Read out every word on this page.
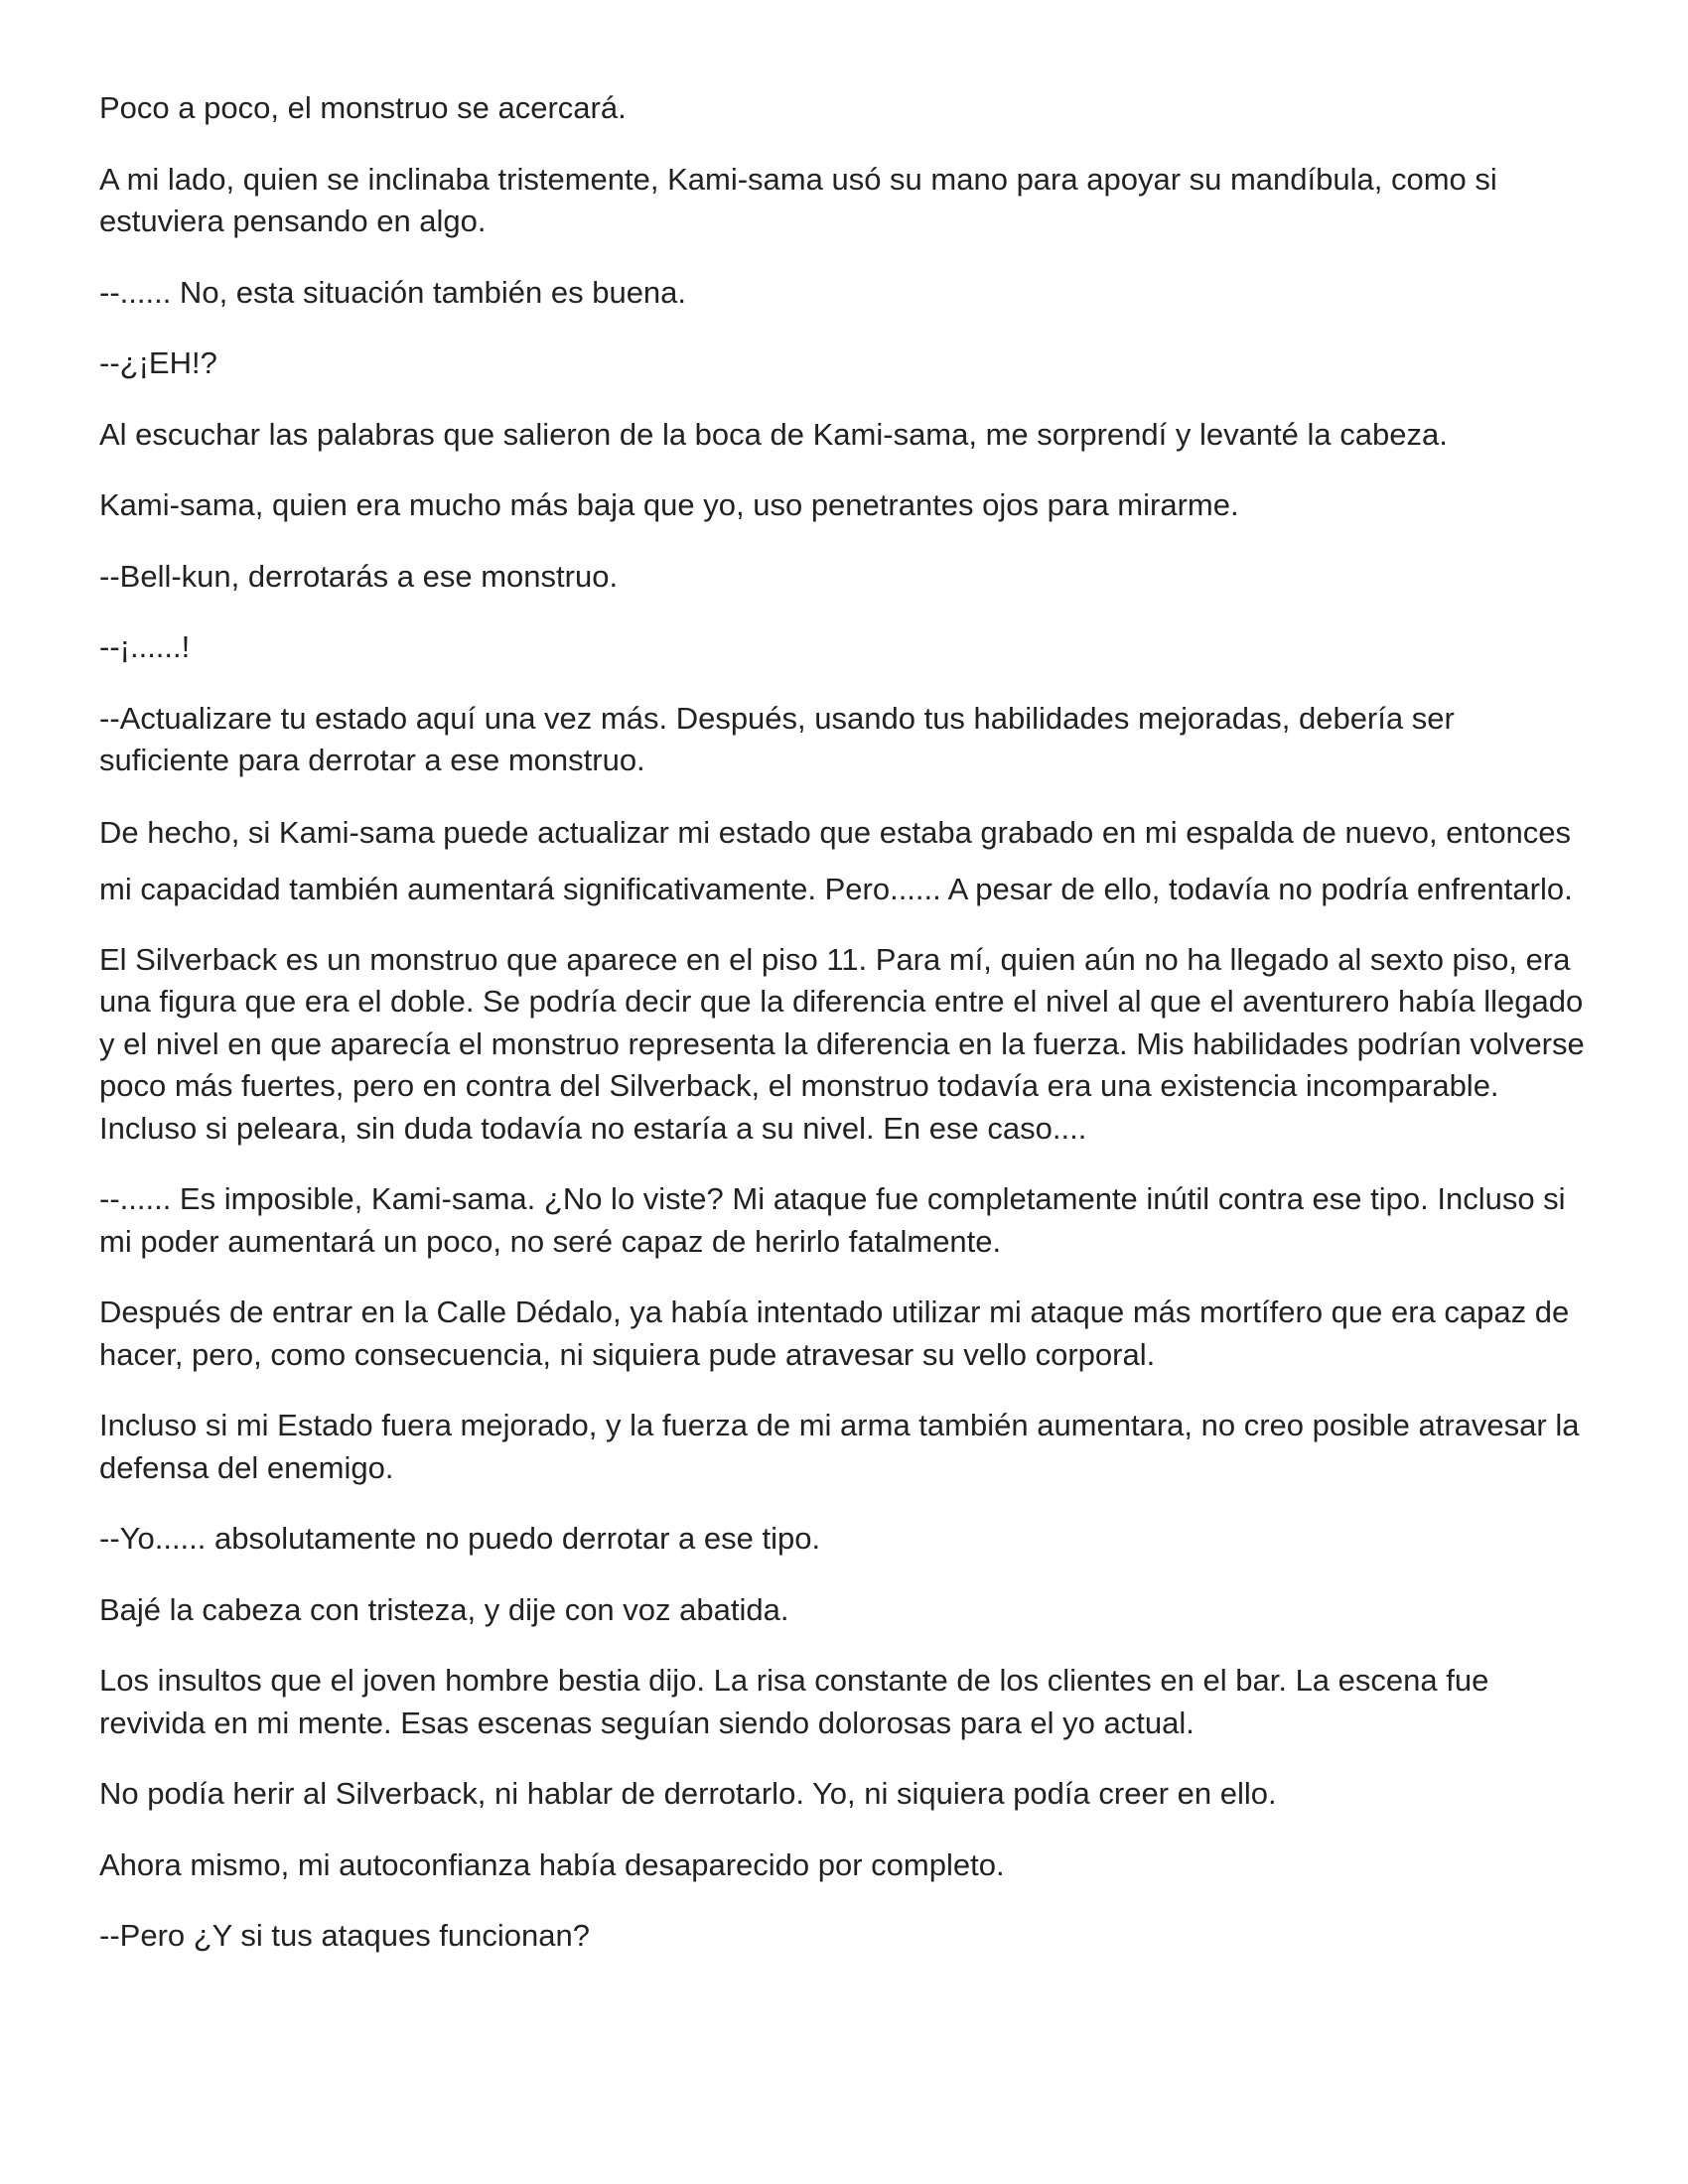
Poco a poco, el monstruo se acercará.

A mi lado, quien se inclinaba tristemente, Kami-sama usó su mano para apoyar su mandíbula, como si estuviera pensando en algo.

--...... No, esta situación también es buena.

--¿¡EH!?

Al escuchar las palabras que salieron de la boca de Kami-sama, me sorprendí y levanté la cabeza.

Kami-sama, quien era mucho más baja que yo, uso penetrantes ojos para mirarme.

--Bell-kun, derrotarás a ese monstruo.

--¡......!

--Actualizare tu estado aquí una vez más. Después, usando tus habilidades mejoradas, debería ser suficiente para derrotar a ese monstruo.

De hecho, si Kami-sama puede actualizar mi estado que estaba grabado en mi espalda de nuevo, entonces mi capacidad también aumentará significativamente. Pero...... A pesar de ello, todavía no podría enfrentarlo.

El Silverback es un monstruo que aparece en el piso 11. Para mí, quien aún no ha llegado al sexto piso, era una figura que era el doble. Se podría decir que la diferencia entre el nivel al que el aventurero había llegado y el nivel en que aparecía el monstruo representa la diferencia en la fuerza. Mis habilidades podrían volverse poco más fuertes, pero en contra del Silverback, el monstruo todavía era una existencia incomparable. Incluso si peleara, sin duda todavía no estaría a su nivel. En ese caso....

--...... Es imposible, Kami-sama. ¿No lo viste? Mi ataque fue completamente inútil contra ese tipo. Incluso si mi poder aumentará un poco, no seré capaz de herirlo fatalmente.

Después de entrar en la Calle Dédalo, ya había intentado utilizar mi ataque más mortífero que era capaz de hacer, pero, como consecuencia, ni siquiera pude atravesar su vello corporal.

Incluso si mi Estado fuera mejorado, y la fuerza de mi arma también aumentara, no creo posible atravesar la defensa del enemigo.

--Yo...... absolutamente no puedo derrotar a ese tipo.

Bajé la cabeza con tristeza, y dije con voz abatida.

Los insultos que el joven hombre bestia dijo. La risa constante de los clientes en el bar. La escena fue revivida en mi mente. Esas escenas seguían siendo dolorosas para el yo actual.

No podía herir al Silverback, ni hablar de derrotarlo. Yo, ni siquiera podía creer en ello.

Ahora mismo, mi autoconfianza había desaparecido por completo.

--Pero ¿Y si tus ataques funcionan?
